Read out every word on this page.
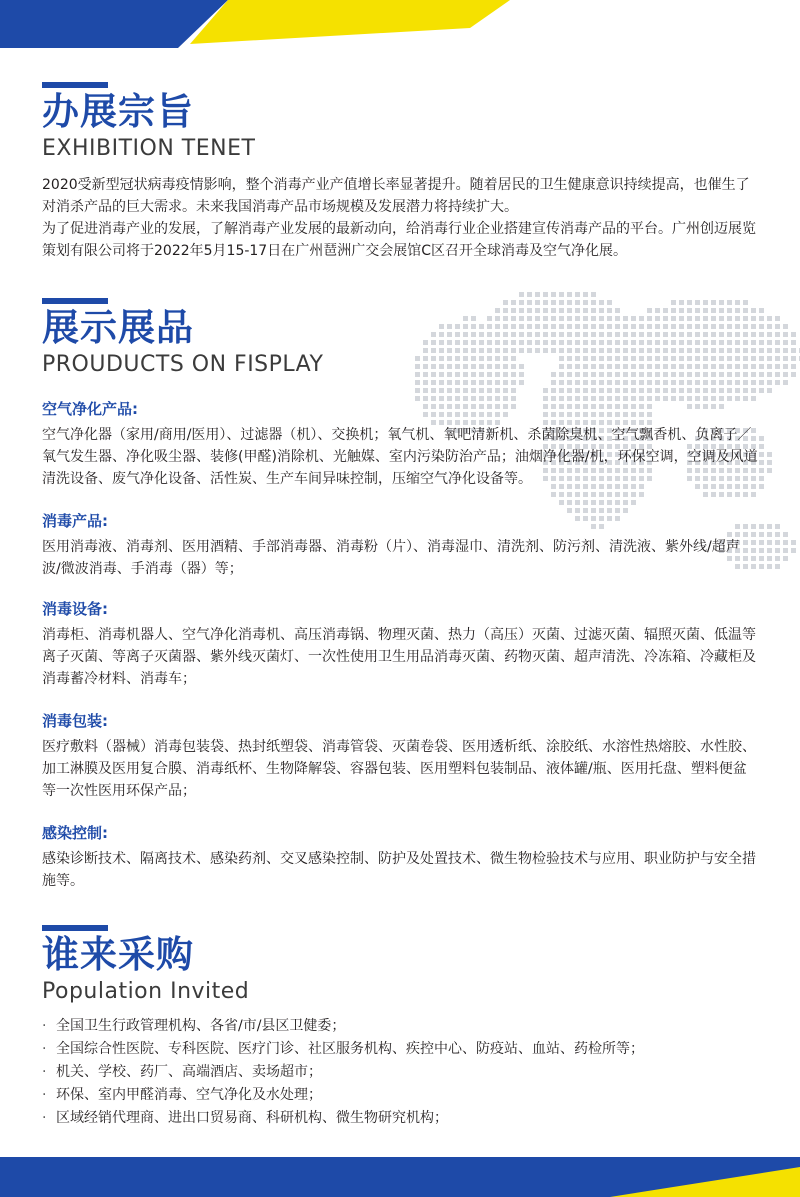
办展宗旨
EXHIBITION TENET

2020受新型冠状病毒疫情影响，整个消毒产业产值增长率显著提升。随着居民的卫生健康意识持续提高，也催生了对消杀产品的巨大需求。未来我国消毒产品市场规模及发展潜力将持续扩大。

为了促进消毒产业的发展，了解消毒产业发展的最新动向，给消毒行业企业搭建宣传消毒产品的平台。广州创迈展览策划有限公司将于2022年5月15-17日在广州琶洲广交会展馆C区召开全球消毒及空气净化展。

展示展品
PROUDUCTS ON FISPLAY
空气净化产品:

空气净化器（家用/商用/医用）、过滤器（机）、交换机；氧气机、氧吧清新机、杀菌除臭机、空气飘香机、负离子／氧气发生器、净化吸尘器、装修(甲醛)消除机、光触媒、室内污染防治产品；油烟净化器/机，环保空调，空调及风道清洗设备、废气净化设备、活性炭、生产车间异味控制，压缩空气净化设备等。

消毒产品:

医用消毒液、消毒剂、医用酒精、手部消毒器、消毒粉（片）、消毒湿巾、清洗剂、防污剂、清洗液、紫外线/超声波/微波消毒、手消毒（器）等；

消毒设备:

消毒柜、消毒机器人、空气净化消毒机、高压消毒锅、物理灭菌、热力（高压）灭菌、过滤灭菌、辐照灭菌、低温等离子灭菌、等离子灭菌器、紫外线灭菌灯、一次性使用卫生用品消毒灭菌、药物灭菌、超声清洗、冷冻箱、冷藏柜及消毒蓄冷材料、消毒车；

消毒包装:

医疗敷料（器械）消毒包装袋、热封纸塑袋、消毒管袋、灭菌卷袋、医用透析纸、涂胶纸、水溶性热熔胶、水性胶、加工淋膜及医用复合膜、消毒纸杯、生物降解袋、容器包装、医用塑料包装制品、液体罐/瓶、医用托盘、塑料便盆等一次性医用环保产品；

感染控制:

感染诊断技术、隔离技术、感染药剂、交叉感染控制、防护及处置技术、微生物检验技术与应用、职业防护与安全措施等。

谁来采购
Population Invited
· 全国卫生行政管理机构、各省/市/县区卫健委；
· 全国综合性医院、专科医院、医疗门诊、社区服务机构、疾控中心、防疫站、血站、药检所等；
· 机关、学校、药厂、高端酒店、卖场超市；
· 环保、室内甲醛消毒、空气净化及水处理；
· 区域经销代理商、进出口贸易商、科研机构、微生物研究机构；
